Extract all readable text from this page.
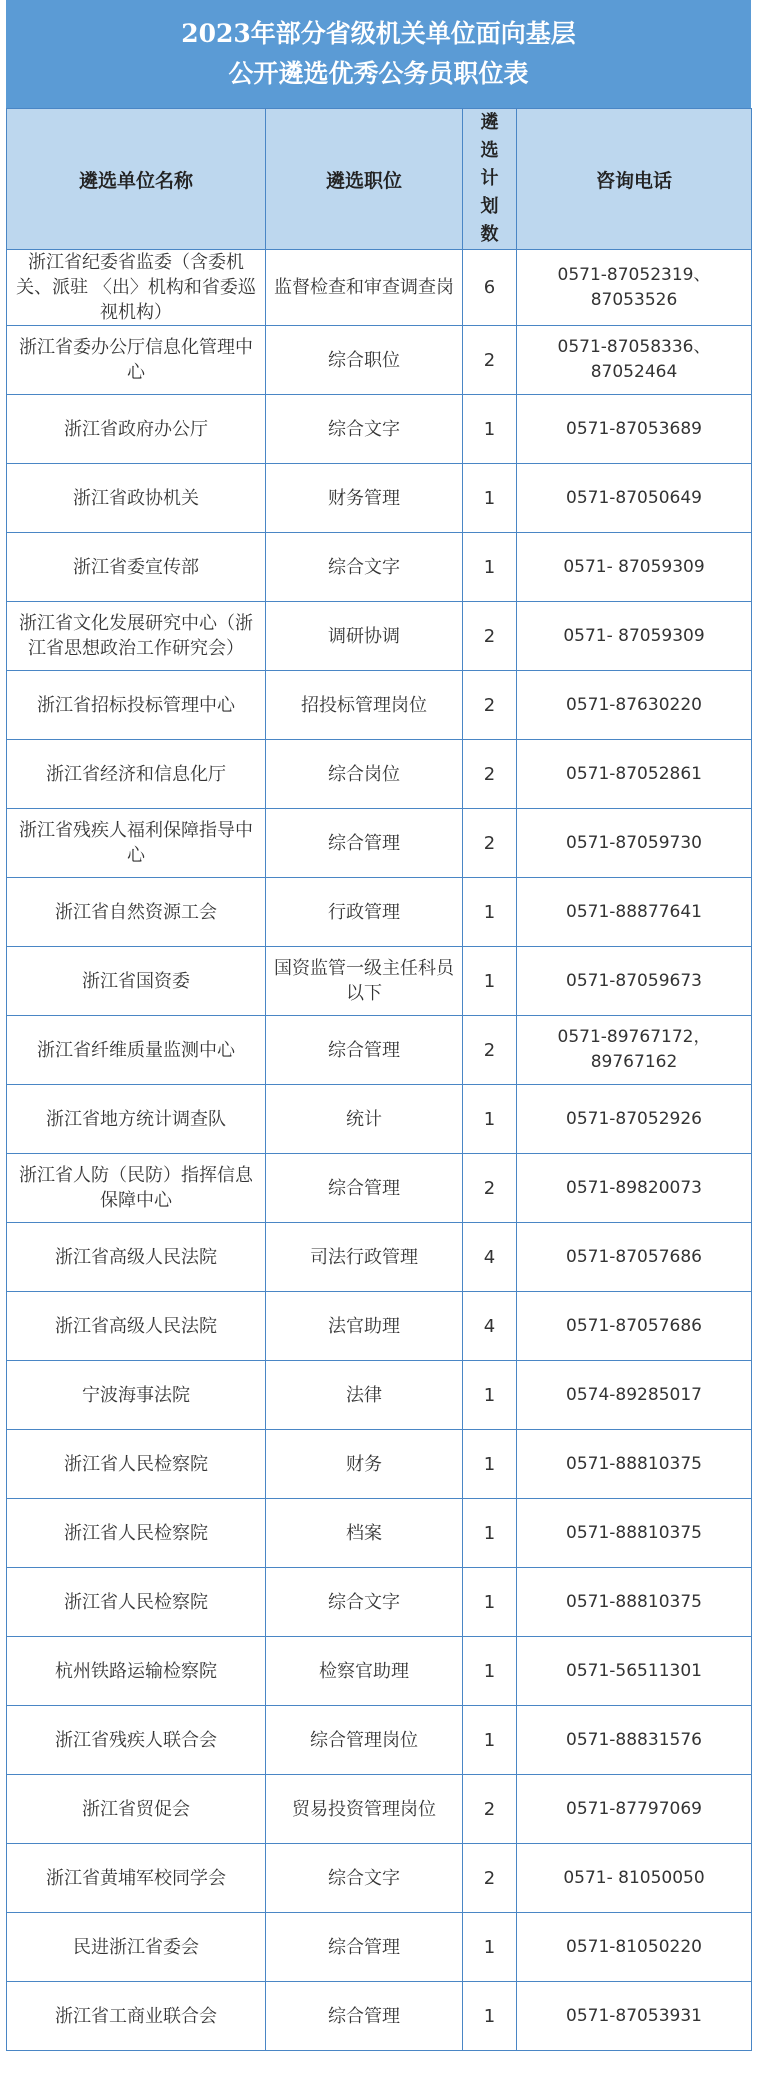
2023年部分省级机关单位面向基层
公开遴选优秀公务员职位表
遴选单位名称	遴选职位	遴选计划数	咨询电话
浙江省纪委省监委（含委机关、派驻 〈出〉机构和省委巡视机构）	监督检查和审查调查岗	6	0571-87052319、87053526
浙江省委办公厅信息化管理中心	综合职位	2	0571-87058336、87052464
浙江省政府办公厅	综合文字	1	0571-87053689
浙江省政协机关	财务管理	1	0571-87050649
浙江省委宣传部	综合文字	1	0571- 87059309
浙江省文化发展研究中心（浙江省思想政治工作研究会）	调研协调	2	0571- 87059309
浙江省招标投标管理中心	招投标管理岗位	2	0571-87630220
浙江省经济和信息化厅	综合岗位	2	0571-87052861
浙江省残疾人福利保障指导中心	综合管理	2	0571-87059730
浙江省自然资源工会	行政管理	1	0571-88877641
浙江省国资委	国资监管一级主任科员以下	1	0571-87059673
浙江省纤维质量监测中心	综合管理	2	0571-89767172，89767162
浙江省地方统计调查队	统计	1	0571-87052926
浙江省人防（民防）指挥信息保障中心	综合管理	2	0571-89820073
浙江省高级人民法院	司法行政管理	4	0571-87057686
浙江省高级人民法院	法官助理	4	0571-87057686
宁波海事法院	法律	1	0574-89285017
浙江省人民检察院	财务	1	0571-88810375
浙江省人民检察院	档案	1	0571-88810375
浙江省人民检察院	综合文字	1	0571-88810375
杭州铁路运输检察院	检察官助理	1	0571-56511301
浙江省残疾人联合会	综合管理岗位	1	0571-88831576
浙江省贸促会	贸易投资管理岗位	2	0571-87797069
浙江省黄埔军校同学会	综合文字	2	0571- 81050050
民进浙江省委会	综合管理	1	0571-81050220
浙江省工商业联合会	综合管理	1	0571-87053931
